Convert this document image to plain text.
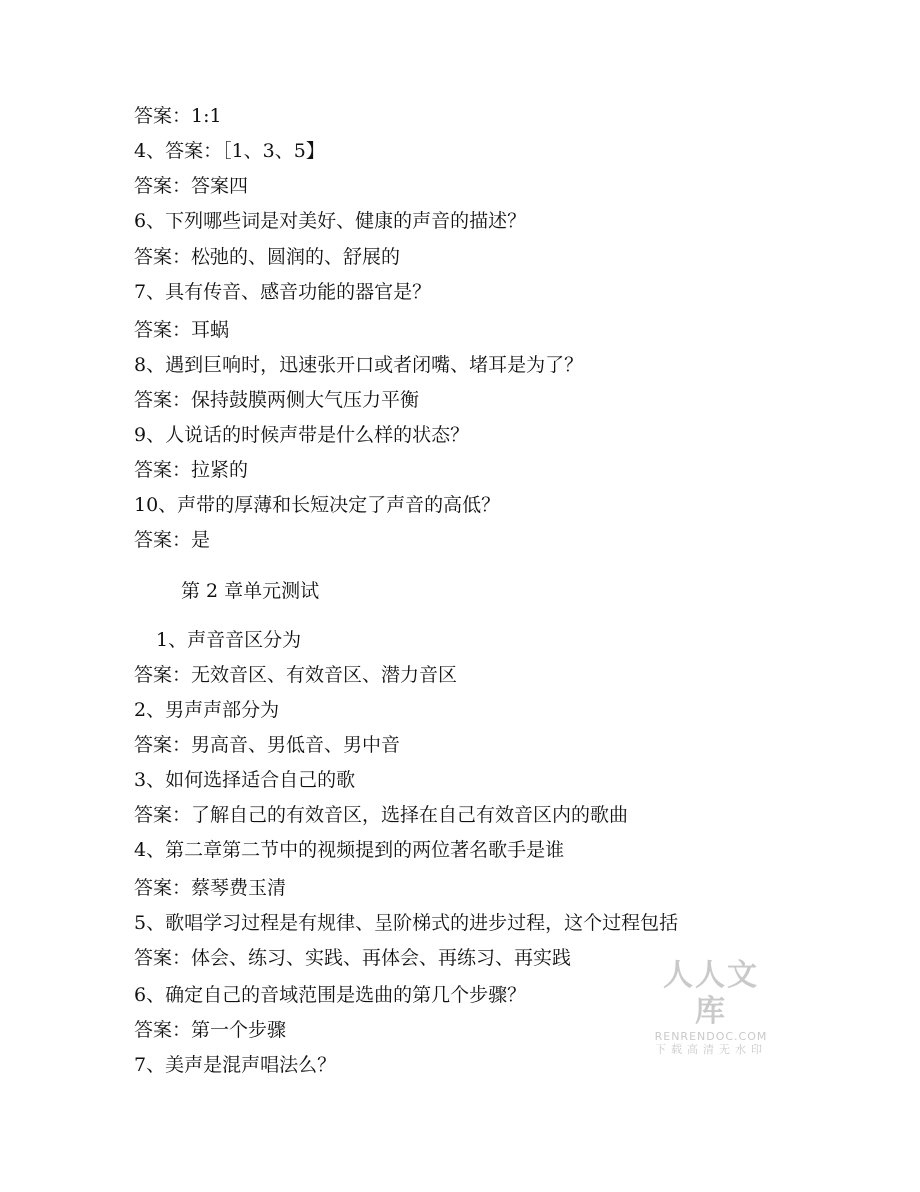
答案：1:1
4、答案：［1、3、5】
答案：答案四
6、下列哪些词是对美好、健康的声音的描述？
答案：松弛的、圆润的、舒展的
7、具有传音、感音功能的器官是？
答案：耳蜗
8、遇到巨响时，迅速张开口或者闭嘴、堵耳是为了？
答案：保持鼓膜两侧大气压力平衡
9、人说话的时候声带是什么样的状态？
答案：拉紧的
10、声带的厚薄和长短决定了声音的高低？
答案：是
第 2 章单元测试
1、声音音区分为
答案：无效音区、有效音区、潜力音区
2、男声声部分为
答案：男高音、男低音、男中音
3、如何选择适合自己的歌
答案：了解自己的有效音区，选择在自己有效音区内的歌曲
4、第二章第二节中的视频提到的两位著名歌手是谁
答案：蔡琴费玉清
5、歌唱学习过程是有规律、呈阶梯式的进步过程，这个过程包括
答案：体会、练习、实践、再体会、再练习、再实践
6、确定自己的音域范围是选曲的第几个步骤？
答案：第一个步骤
7、美声是混声唱法么？
人人文库
RENRENDOC.COM
下载高清无水印
